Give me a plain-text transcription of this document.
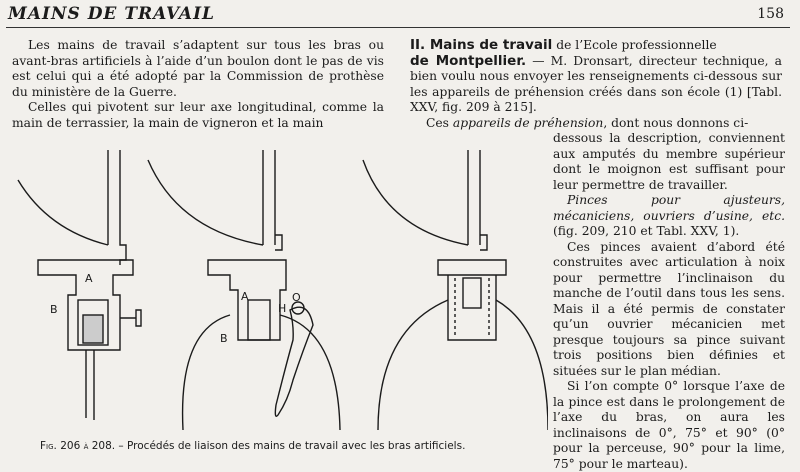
MAINS DE TRAVAIL	158

Les mains de travail s’adaptent sur tous les bras ou avant-bras artificiels à l’aide d’un boulon dont le pas de vis est celui qui a été adopté par la Commission de prothèse du ministère de la Guerre.

Celles qui pivotent sur leur axe longitudinal, comme la main de terrassier, la main de vigneron et la main

II. Mains de travail de l’Ecole professionnelle

de Montpellier. — M. Dronsart, directeur technique, a bien voulu nous envoyer les renseignements ci-dessous sur les appareils de préhension créés dans son école (1) [Tabl. XXV, fig. 209 à 215].

Ces appareils de préhension, dont nous donnons ci-

dessous la description, conviennent aux amputés du membre supérieur dont le moignon est suffisant pour leur permettre de travailler.

Pinces pour ajusteurs, mécaniciens, ouvriers d’usine, etc. (fig. 209, 210 et Tabl. XXV, 1).

Ces pinces avaient d’abord été construites avec articulation à noix pour permettre l’inclinaison du manche de l’outil dans tous les sens. Mais il a été permis de constater qu’un ouvrier mécanicien met presque toujours sa pince suivant trois positions bien définies et situées sur le plan médian.

Si l’on compte 0° lorsque l’axe de la pince est dans le prolongement de l’axe du bras, on aura les inclinaisons de 0°, 75° et 90° (0° pour la perceuse, 90° pour la lime, 75° pour le marteau).

A
B
A
H
O
B
Fig. 206 à 208. – Procédés de liaison des mains de travail avec les bras artificiels.
